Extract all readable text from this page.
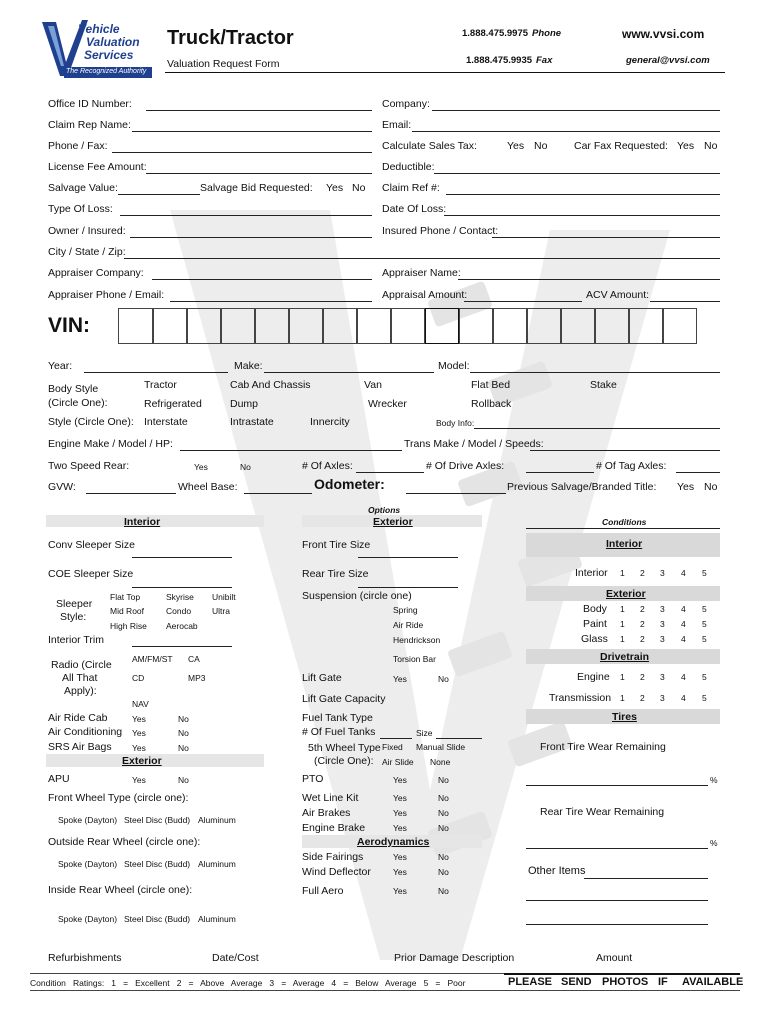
Vehicle
Valuation
Services
The Recognized Authority
Truck/Tractor
Valuation Request Form
1.888.475.9975 Phone
1.888.475.9935 Fax
www.vvsi.com
general@vvsi.com
Office ID Number:	Company:
Claim Rep Name:	Email:
Phone / Fax:	Calculate Sales Tax:	Yes No	Car Fax Requested: Yes No
License Fee Amount:	Deductible:
Salvage Value:	Salvage Bid Requested: Yes No Claim Ref #:
Type Of Loss:	Date Of Loss:
Owner / Insured:	Insured Phone / Contact:
City / State / Zip:
Appraiser Company:	Appraiser Name:
Appraiser Phone / Email:	Appraisal Amount:	ACV Amount:
VIN:
Year:	Make:	Model:
Body Style
(Circle One):
Tractor	Cab And Chassis	Van	Flat Bed	Stake
Refrigerated	Dump	Wrecker	Rollback
Style (Circle One): Interstate	Intrastate	Innercity	Body Info:
Engine Make / Model / HP:	Trans Make / Model / Speeds:
Two Speed Rear:	Yes	No	# Of Axles:	# Of Drive Axles:	# Of Tag Axles:
GVW:	Wheel Base:	Odometer:	Previous Salvage/Branded Title: Yes No
Options
Interior	Exterior	Conditions
Conv Sleeper Size
COE Sleeper Size
Sleeper
Style:
Flat Top	Skyrise Unibilt
Mid Roof	Condo Ultra
High Rise Aerocab
Interior Trim
Radio (Circle
All That
Apply):
AM/FM/ST CA
CD	MP3
NAV
Air Ride Cab	Yes	No
Air Conditioning Yes	No
SRS Air Bags Yes	No
Exterior
APU	Yes	No
Front Wheel Type (circle one):
Spoke (Dayton) Steel Disc (Budd) Aluminum
Outside Rear Wheel (circle one):
Spoke (Dayton) Steel Disc (Budd) Aluminum
Inside Rear Wheel (circle one):
Spoke (Dayton) Steel Disc (Budd) Aluminum
Front Tire Size
Rear Tire Size
Suspension (circle one)
Spring
Air Ride
Hendrickson
Torsion Bar
Lift Gate	Yes	No
Lift Gate Capacity
Fuel Tank Type
# Of Fuel Tanks	Size
5th Wheel Type
(Circle One):
Fixed Manual Slide
Air Slide None
PTO	Yes	No
Wet Line Kit	Yes	No
Air Brakes	Yes	No
Engine Brake	Yes	No
Aerodynamics
Side Fairings	Yes	No
Wind Deflector	Yes	No
Full Aero	Yes	No
Interior
Interior 1 2 3 4 5
Exterior
Body 1 2 3 4 5
Paint 1 2 3 4 5
Glass 1 2 3 4 5
Drivetrain
Engine 1 2 3 4 5
Transmission 1 2 3 4 5
Tires
Front Tire Wear Remaining
%
Rear Tire Wear Remaining
%
Other Items
Refurbishments	Date/Cost	Prior Damage Description	Amount
Condition   Ratings:   1   =   Excellent   2   =   Above   Average   3   =   Average   4   =   Below   Average   5   =   Poor	PLEASE SEND PHOTOS IF AVAILABLE
